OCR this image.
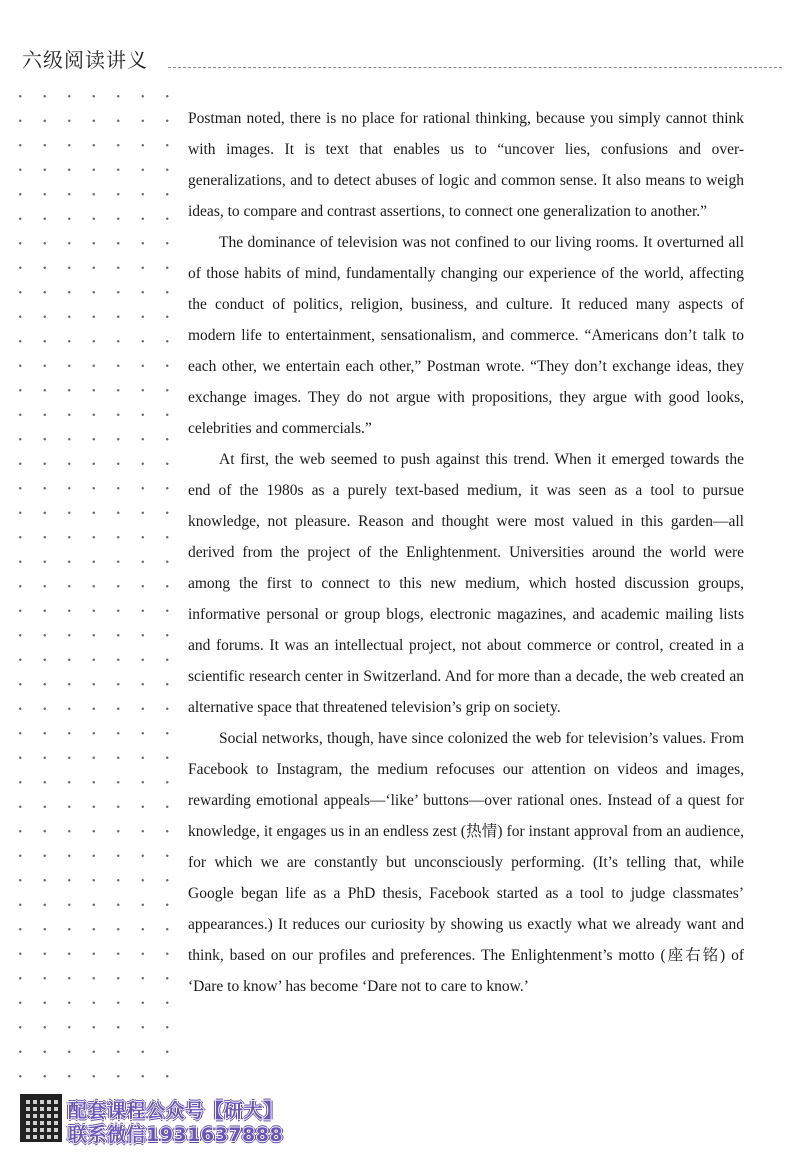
六级阅读讲义

Postman noted, there is no place for rational thinking, because you simply cannot think with images. It is text that enables us to “uncover lies, confusions and over-generalizations, and to detect abuses of logic and common sense. It also means to weigh ideas, to compare and contrast assertions, to connect one generalization to another.”

The dominance of television was not confined to our living rooms. It overturned all of those habits of mind, fundamentally changing our experience of the world, affecting the conduct of politics, religion, business, and culture. It reduced many aspects of modern life to entertainment, sensationalism, and commerce. “Americans don’t talk to each other, we entertain each other,” Postman wrote. “They don’t exchange ideas, they exchange images. They do not argue with propositions, they argue with good looks, celebrities and commercials.”

At first, the web seemed to push against this trend. When it emerged towards the end of the 1980s as a purely text-based medium, it was seen as a tool to pursue knowledge, not pleasure. Reason and thought were most valued in this garden—all derived from the project of the Enlightenment. Universities around the world were among the first to connect to this new medium, which hosted discussion groups, informative personal or group blogs, electronic magazines, and academic mailing lists and forums. It was an intellectual project, not about commerce or control, created in a scientific research center in Switzerland. And for more than a decade, the web created an alternative space that threatened television’s grip on society.

Social networks, though, have since colonized the web for television’s values. From Facebook to Instagram, the medium refocuses our attention on videos and images, rewarding emotional appeals—‘like’ buttons—over rational ones. Instead of a quest for knowledge, it engages us in an endless zest (热情) for instant approval from an audience, for which we are constantly but unconsciously performing. (It’s telling that, while Google began life as a PhD thesis, Facebook started as a tool to judge classmates’ appearances.) It reduces our curiosity by showing us exactly what we already want and think, based on our profiles and preferences. The Enlightenment’s motto (座右铭) of ‘Dare to know’ has become ‘Dare not to care to know.’

配套课程公众号【研大】
联系微信1931637888
